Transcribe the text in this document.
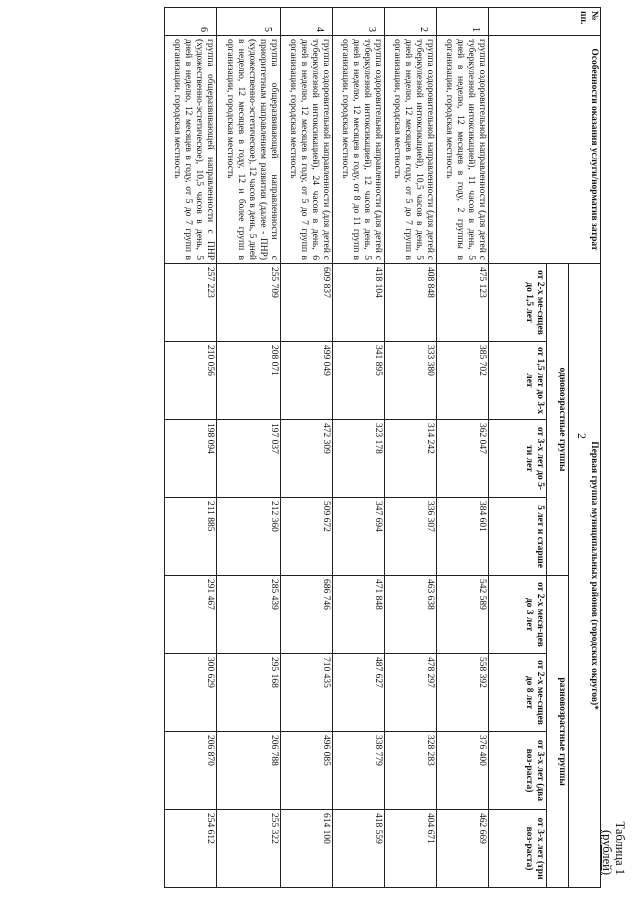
2
Таблица 1
(рублей)
№ пп.	Особенности оказания услуги/норматив затрат	Первая группа муниципальных районов (городских округов)*							
		одновозрастные группы				разновозрастные группы			
		от 2-х ме-сяцев до 1,5 лет	от 1,5 лет до 3-х лет	от 3-х лет до 5-ти лет	5 лет и старше	от 2-х меся-цев до 3 лет	от 2-х ме-сяцев до 8 лет	от 3-х лет (два воз-раста)	от 3-х лет (три воз-раста)

1	группа оздоровительной направленности (для детей с туберкулезной интоксикацией), 11 часов в день, 5 дней в неделю, 12 месяцев в году, 2 группы в организации, городская местность	475 123	385 702	362 047	384 601	542 589	558 392	376 400	462 669

2	группа оздоровительной направленности (для детей с туберкулезной интоксикацией), 10,5 часов в день, 5 дней в неделю, 12 месяцев в году, от 5 до 7 групп в организации, городская местность	408 848	333 380	314 242	336 307	463 638	478 297	328 283	404 671

3	группа оздоровительной направленности (для детей с туберкулезной интоксикацией), 12 часов в день, 5 дней в неделю, 12 месяцев в году, от 8 до 11 групп в организации, городская местность	418 104	341 895	323 178	347 694	471 848	487 627	338 779	418 559

4	группа оздоровительной направленности (для детей с туберкулезной интоксикацией), 24 часов в день, 6 дней в неделю, 12 месяцев в году, от 5 до 7 групп в организации, городская местность	609 837	499 049	472 309	509 672	686 746	710 435	496 085	614 100

5	группа общеразвивающей направленности с приоритетным направлением развития (далее - ПНР) (художественно-эстетическое), 12 часов в день, 5 дней в неделю, 12 месяцев в году, 12 и более групп в организации, городская местность	255 709	208 071	197 037	212 360	285 439	295 168	206 788	255 322

6	группа общеразвивающей направленности с ПНР (художественно-эстетическое), 10,5 часов в день, 5 дней в неделю, 12 месяцев в году, от 5 до 7 групп в организации, городская местность	257 223	210 056	198 094	211 885	291 467	300 629	206 870	254 612
